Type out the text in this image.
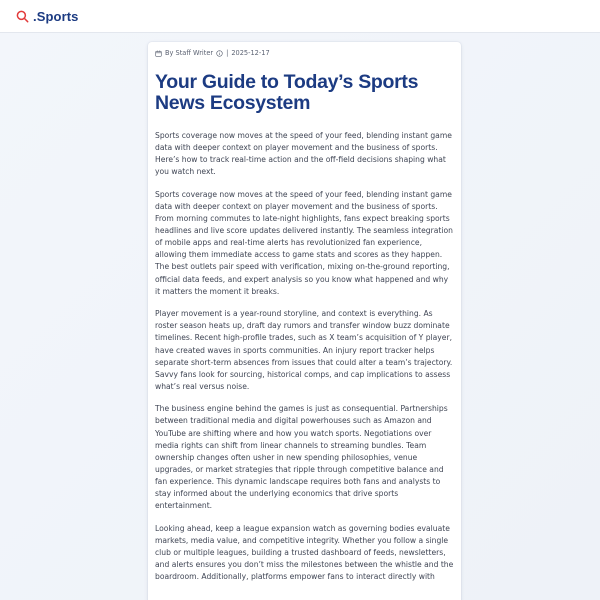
.Sports
By Staff Writer | 2025-12-17
Your Guide to Today’s Sports News Ecosystem

Sports coverage now moves at the speed of your feed, blending instant game data with deeper context on player movement and the business of sports. Here’s how to track real-time action and the off-field decisions shaping what you watch next.

Sports coverage now moves at the speed of your feed, blending instant game data with deeper context on player movement and the business of sports. From morning commutes to late-night highlights, fans expect breaking sports headlines and live score updates delivered instantly. The seamless integration of mobile apps and real-time alerts has revolutionized fan experience, allowing them immediate access to game stats and scores as they happen. The best outlets pair speed with verification, mixing on-the-ground reporting, official data feeds, and expert analysis so you know what happened and why it matters the moment it breaks.

Player movement is a year-round storyline, and context is everything. As roster season heats up, draft day rumors and transfer window buzz dominate timelines. Recent high-profile trades, such as X team’s acquisition of Y player, have created waves in sports communities. An injury report tracker helps separate short-term absences from issues that could alter a team’s trajectory. Savvy fans look for sourcing, historical comps, and cap implications to assess what’s real versus noise.

The business engine behind the games is just as consequential. Partnerships between traditional media and digital powerhouses such as Amazon and YouTube are shifting where and how you watch sports. Negotiations over media rights can shift from linear channels to streaming bundles. Team ownership changes often usher in new spending philosophies, venue upgrades, or market strategies that ripple through competitive balance and fan experience. This dynamic landscape requires both fans and analysts to stay informed about the underlying economics that drive sports entertainment.

Looking ahead, keep a league expansion watch as governing bodies evaluate markets, media value, and competitive integrity. Whether you follow a single club or multiple leagues, building a trusted dashboard of feeds, newsletters, and alerts ensures you don’t miss the milestones between the whistle and the boardroom. Additionally, platforms empower fans to interact directly with
